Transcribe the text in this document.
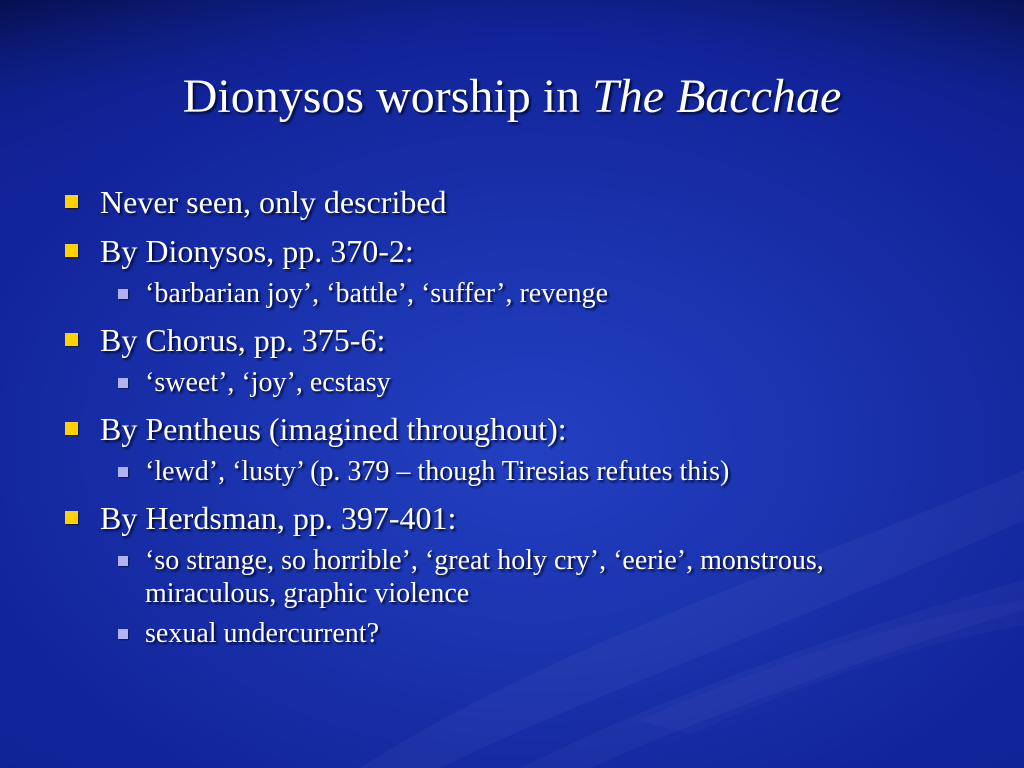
Dionysos worship in The Bacchae
Never seen, only described
By Dionysos, pp. 370-2:
‘barbarian joy’, ‘battle’, ‘suffer’, revenge
By Chorus, pp. 375-6:
‘sweet’, ‘joy’, ecstasy
By Pentheus (imagined throughout):
‘lewd’, ‘lusty’ (p. 379 – though Tiresias refutes this)
By Herdsman, pp. 397-401:
‘so strange, so horrible’, ‘great holy cry’, ‘eerie’, monstrous,
miraculous, graphic violence
sexual undercurrent?
